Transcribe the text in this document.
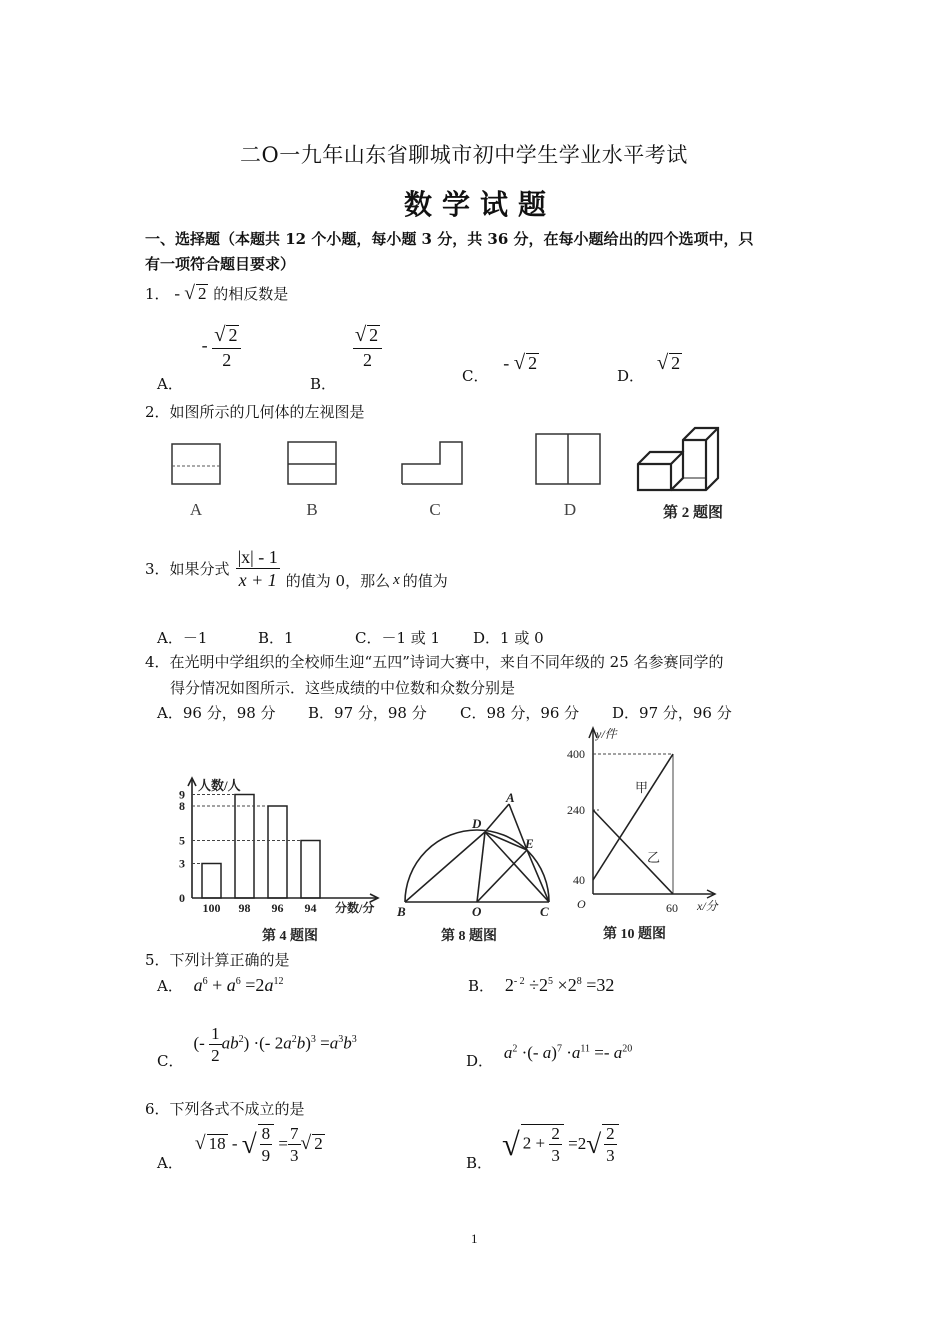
二O一九年山东省聊城市初中学生学业水平考试
数学试题
一、选择题（本题共 12 个小题，每小题 3 分，共 36 分，在每小题给出的四个选项中，只
有一项符合题目要求）
1． - √ 2 的相反数是
A． - $\frac{√ 2}{2}$
B．
$\frac{√ 2}{2}$
C． - √ 2
D． √ 2
2．如图所示的几何体的左视图是
A	B	C	D	第 2 题图
3． 如果分式 $\frac{|x| - 1}{x + 1}$ 的值为 0，那么 x 的值为
A．－1	B．1	C．－1 或 1 D．1 或 0
4．在光明中学组织的全校师生迎“五四”诗词大赛中，来自不同年级的 25 名参赛同学的
得分情况如图所示．这些成绩的中位数和众数分别是
A．96 分，98 分 B．97 分，98 分 C．98 分，96 分 D．97 分，96 分
人数/人
分数/分
0
3
5
8
9
100 98 96 94
第 4 题图
A
D
E
B	O	C
第 8 题图
y/件
400
240
40
O	60 x/分
甲
乙
第 10 题图
5．下列计算正确的是
A． $a^6 + a^6 =2a^{12}$	B． $2^{- 2} \div 2^5 \times 2^8 =32$
C．
(- $\frac{1}{2} ab^2$) ·(- $2a^2b)^3 =a^3b^3$
D． $a^2$ ·(- $a)^7 \cdot a^{11} =- a^{20}$
6．下列各式不成立的是
A．
√ 18 - √ $\frac{8}{9} = \frac{7}{3}$ √ 2
B．
√ $2 + \frac{2}{3} =2$ √ $\frac{2}{3}$
1
